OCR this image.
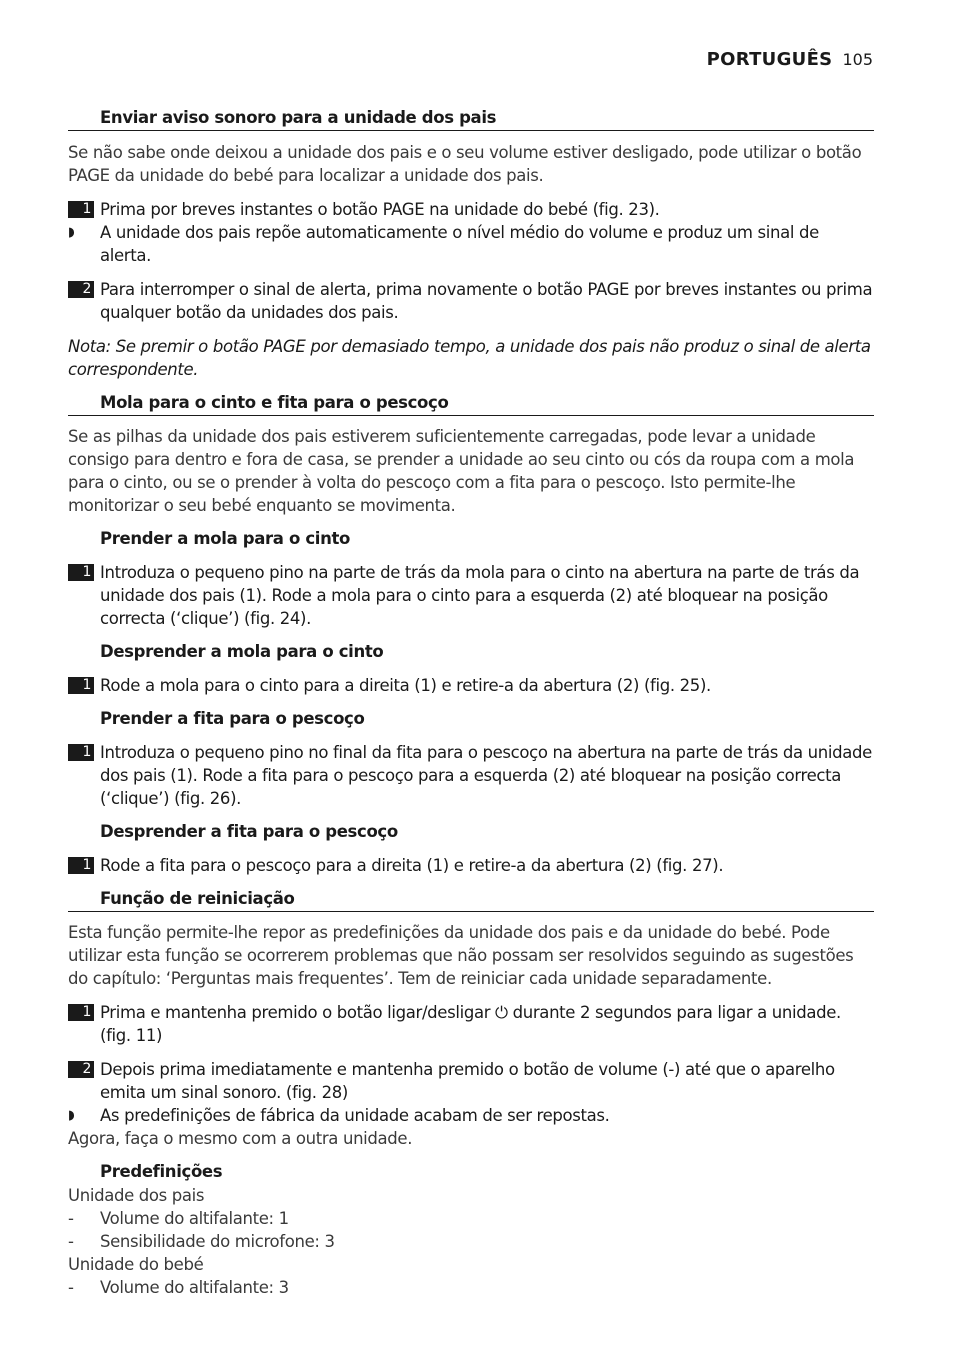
PORTUGUÊS 105
Enviar aviso sonoro para a unidade dos pais
Se não sabe onde deixou a unidade dos pais e o seu volume estiver desligado, pode utilizar o botão PAGE da unidade do bebé para localizar a unidade dos pais.
1 Prima por breves instantes o botão PAGE na unidade do bebé (fig. 23).
◗	A unidade dos pais repõe automaticamente o nível médio do volume e produz um sinal de alerta.
2 Para interromper o sinal de alerta, prima novamente o botão PAGE por breves instantes ou prima qualquer botão da unidades dos pais.
Nota: Se premir o botão PAGE por demasiado tempo, a unidade dos pais não produz o sinal de alerta correspondente.
Mola para o cinto e fita para o pescoço
Se as pilhas da unidade dos pais estiverem suficientemente carregadas, pode levar a unidade consigo para dentro e fora de casa, se prender a unidade ao seu cinto ou cós da roupa com a mola para o cinto, ou se o prender à volta do pescoço com a fita para o pescoço. Isto permite-lhe monitorizar o seu bebé enquanto se movimenta.
Prender a mola para o cinto
1 Introduza o pequeno pino na parte de trás da mola para o cinto na abertura na parte de trás da unidade dos pais (1). Rode a mola para o cinto para a esquerda (2) até bloquear na posição correcta (‘clique’) (fig. 24).
Desprender a mola para o cinto
1 Rode a mola para o cinto para a direita (1) e retire-a da abertura (2) (fig. 25).
Prender a fita para o pescoço
1 Introduza o pequeno pino no final da fita para o pescoço na abertura na parte de trás da unidade dos pais (1). Rode a fita para o pescoço para a esquerda (2) até bloquear na posição correcta (‘clique’) (fig. 26).
Desprender a fita para o pescoço
1 Rode a fita para o pescoço para a direita (1) e retire-a da abertura (2) (fig. 27).
Função de reiniciação
Esta função permite-lhe repor as predefinições da unidade dos pais e da unidade do bebé. Pode utilizar esta função se ocorrerem problemas que não possam ser resolvidos seguindo as sugestões do capítulo: ‘Perguntas mais frequentes’. Tem de reiniciar cada unidade separadamente.
1 Prima e mantenha premido o botão ligar/desligar ⏻ durante 2 segundos para ligar a unidade. (fig. 11)
2 Depois prima imediatamente e mantenha premido o botão de volume (-) até que o aparelho emita um sinal sonoro. (fig. 28)
◗	As predefinições de fábrica da unidade acabam de ser repostas.
Agora, faça o mesmo com a outra unidade.
Predefinições
Unidade dos pais
-	Volume do altifalante: 1
-	Sensibilidade do microfone: 3
Unidade do bebé
-	Volume do altifalante: 3
